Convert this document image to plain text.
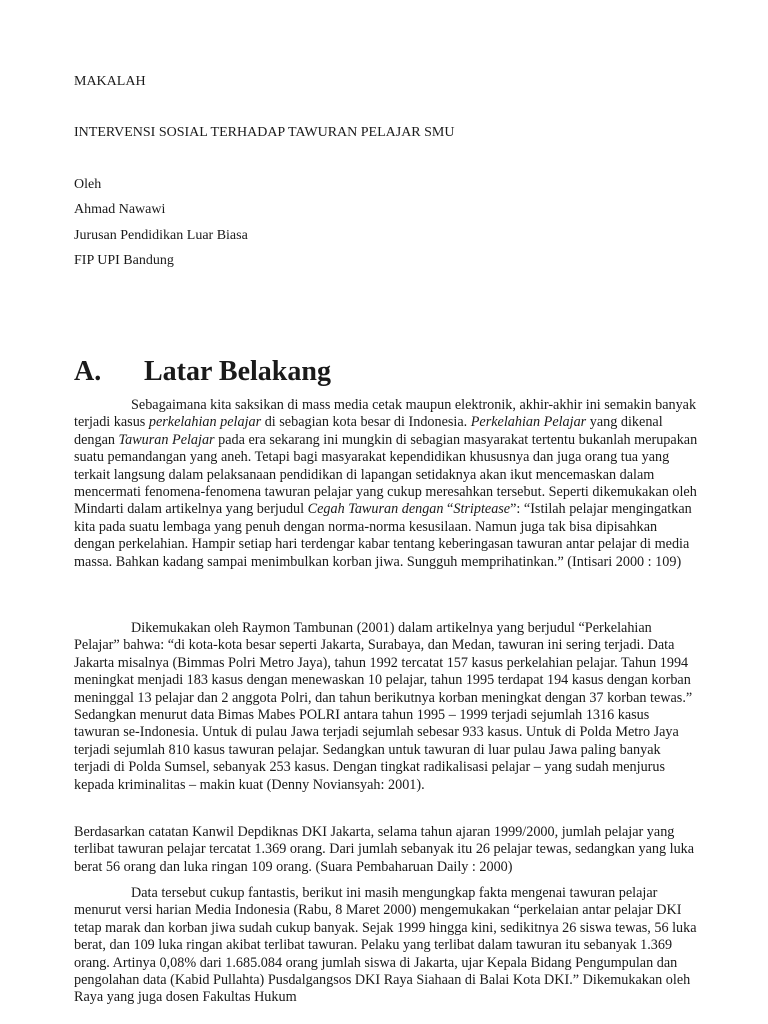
MAKALAH
INTERVENSI SOSIAL TERHADAP TAWURAN PELAJAR SMU
Oleh
Ahmad Nawawi
Jurusan Pendidikan Luar Biasa
FIP UPI Bandung
A. Latar Belakang

Sebagaimana kita saksikan di mass media cetak maupun elektronik, akhir-akhir ini semakin banyak terjadi kasus perkelahian pelajar di sebagian kota besar di Indonesia. Perkelahian Pelajar yang dikenal dengan Tawuran Pelajar pada era sekarang ini mungkin di sebagian masyarakat tertentu bukanlah merupakan suatu pemandangan yang aneh. Tetapi bagi masyarakat kependidikan khususnya dan juga orang tua yang terkait langsung dalam pelaksanaan pendidikan di lapangan setidaknya akan ikut mencemaskan dalam mencermati fenomena-fenomena tawuran pelajar yang cukup meresahkan tersebut. Seperti dikemukakan oleh Mindarti dalam artikelnya yang berjudul Cegah Tawuran dengan “Striptease”: “Istilah pelajar mengingatkan kita pada suatu lembaga yang penuh dengan norma-norma kesusilaan. Namun juga tak bisa dipisahkan dengan perkelahian. Hampir setiap hari terdengar kabar tentang keberingasan tawuran antar pelajar di media massa. Bahkan kadang sampai menimbulkan korban jiwa. Sungguh memprihatinkan.” (Intisari 2000 : 109)

Dikemukakan oleh Raymon Tambunan (2001) dalam artikelnya yang berjudul “Perkelahian Pelajar” bahwa: “di kota-kota besar seperti Jakarta, Surabaya, dan Medan, tawuran ini sering terjadi. Data Jakarta misalnya (Bimmas Polri Metro Jaya), tahun 1992 tercatat 157 kasus perkelahian pelajar. Tahun 1994 meningkat menjadi 183 kasus dengan menewaskan 10 pelajar, tahun 1995 terdapat 194 kasus dengan korban meninggal 13 pelajar dan 2 anggota Polri, dan tahun berikutnya korban meningkat dengan 37 korban tewas.” Sedangkan menurut data Bimas Mabes POLRI antara tahun 1995 – 1999 terjadi sejumlah 1316 kasus tawuran se-Indonesia. Untuk di pulau Jawa terjadi sejumlah sebesar 933 kasus. Untuk di Polda Metro Jaya terjadi sejumlah 810 kasus tawuran pelajar. Sedangkan untuk tawuran di luar pulau Jawa paling banyak terjadi di Polda Sumsel, sebanyak 253 kasus. Dengan tingkat radikalisasi pelajar – yang sudah menjurus kepada kriminalitas – makin kuat (Denny Noviansyah: 2001).

Berdasarkan catatan Kanwil Depdiknas DKI Jakarta, selama tahun ajaran 1999/2000, jumlah pelajar yang terlibat tawuran pelajar tercatat 1.369 orang. Dari jumlah sebanyak itu 26 pelajar tewas, sedangkan yang luka berat 56 orang dan luka ringan 109 orang. (Suara Pembaharuan Daily : 2000)

Data tersebut cukup fantastis, berikut ini masih mengungkap fakta mengenai tawuran pelajar menurut versi harian Media Indonesia (Rabu, 8 Maret 2000) mengemukakan “perkelaian antar pelajar DKI tetap marak dan korban jiwa sudah cukup banyak. Sejak 1999 hingga kini, sedikitnya 26 siswa tewas, 56 luka berat, dan 109 luka ringan akibat terlibat tawuran. Pelaku yang terlibat dalam tawuran itu sebanyak 1.369 orang. Artinya 0,08% dari 1.685.084 orang jumlah siswa di Jakarta, ujar Kepala Bidang Pengumpulan dan pengolahan data (Kabid Pullahta) Pusdalgangsos DKI Raya Siahaan di Balai Kota DKI.” Dikemukakan oleh Raya yang juga dosen Fakultas Hukum
